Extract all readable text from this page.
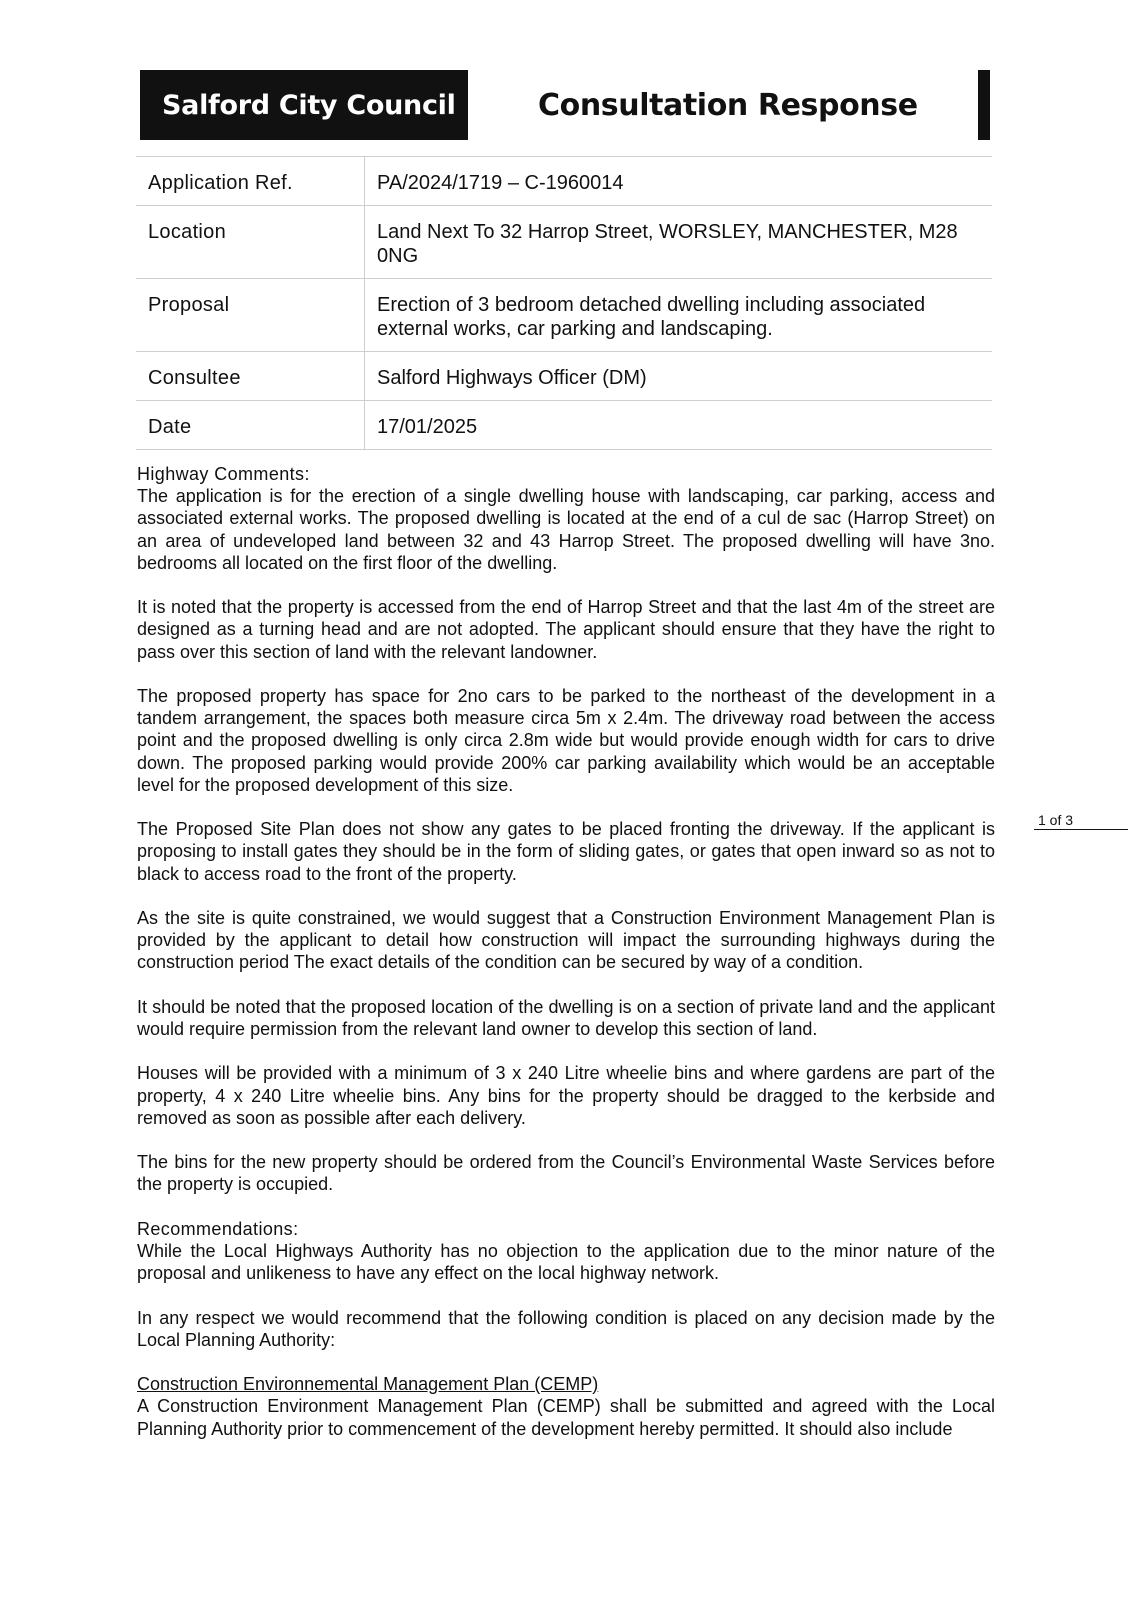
Salford City Council	Consultation Response
Application Ref.	PA/2024/1719 – C-1960014
Location	Land Next To 32 Harrop Street, WORSLEY, MANCHESTER, M28 0NG
Proposal	Erection of 3 bedroom detached dwelling including associated external works, car parking and landscaping.
Consultee	Salford Highways Officer (DM)
Date	17/01/2025

Highway Comments:

The application is for the erection of a single dwelling house with landscaping, car parking, access and associated external works. The proposed dwelling is located at the end of a cul de sac (Harrop Street) on an area of undeveloped land between 32 and 43 Harrop Street. The proposed dwelling will have 3no. bedrooms all located on the first floor of the dwelling.

It is noted that the property is accessed from the end of Harrop Street and that the last 4m of the street are designed as a turning head and are not adopted. The applicant should ensure that they have the right to pass over this section of land with the relevant landowner.

The proposed property has space for 2no cars to be parked to the northeast of the development in a tandem arrangement, the spaces both measure circa 5m x 2.4m. The driveway road between the access point and the proposed dwelling is only circa 2.8m wide but would provide enough width for cars to drive down. The proposed parking would provide 200% car parking availability which would be an acceptable level for the proposed development of this size.

The Proposed Site Plan does not show any gates to be placed fronting the driveway. If the applicant is proposing to install gates they should be in the form of sliding gates, or gates that open inward so as not to black to access road to the front of the property.

As the site is quite constrained, we would suggest that a Construction Environment Management Plan is provided by the applicant to detail how construction will impact the surrounding highways during the construction period The exact details of the condition can be secured by way of a condition.

It should be noted that the proposed location of the dwelling is on a section of private land and the applicant would require permission from the relevant land owner to develop this section of land.

Houses will be provided with a minimum of 3 x 240 Litre wheelie bins and where gardens are part of the property, 4 x 240 Litre wheelie bins. Any bins for the property should be dragged to the kerbside and removed as soon as possible after each delivery.

The bins for the new property should be ordered from the Council’s Environmental Waste Services before the property is occupied.

Recommendations:

While the Local Highways Authority has no objection to the application due to the minor nature of the proposal and unlikeness to have any effect on the local highway network.

In any respect we would recommend that the following condition is placed on any decision made by the Local Planning Authority:

Construction Environnemental Management Plan (CEMP)

A Construction Environment Management Plan (CEMP) shall be submitted and agreed with the Local Planning Authority prior to commencement of the development hereby permitted. It should also include

1 of 3
